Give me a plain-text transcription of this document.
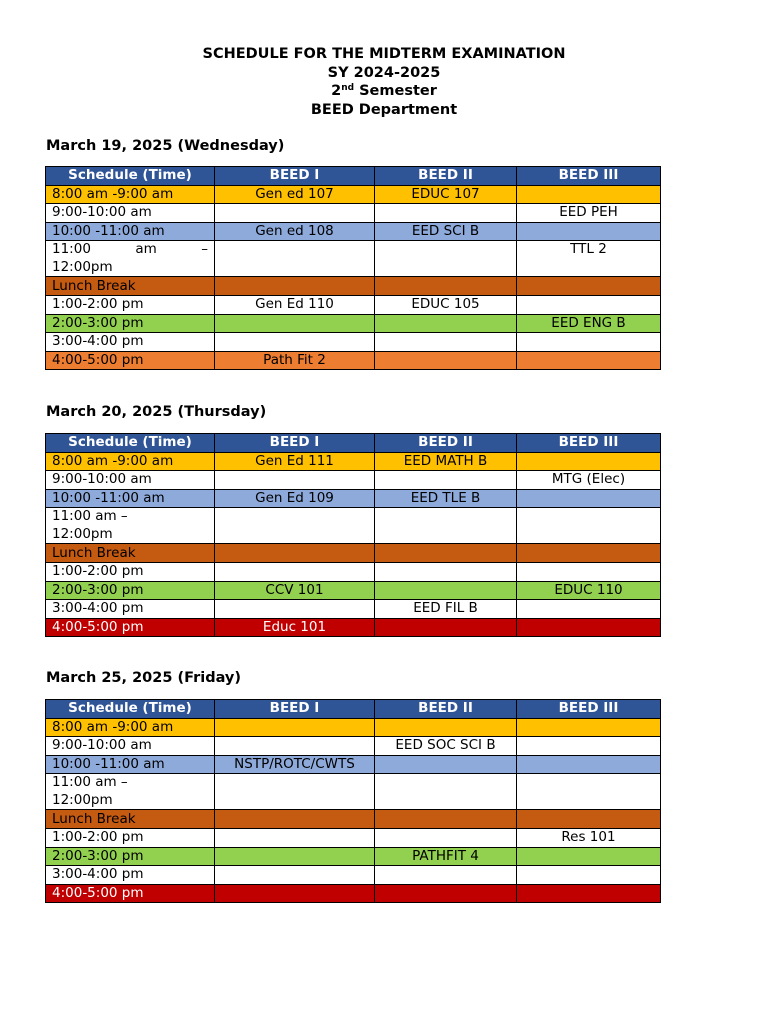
SCHEDULE FOR THE MIDTERM EXAMINATION
SY 2024-2025
2nd Semester
BEED Department
March 19, 2025 (Wednesday)
Schedule (Time)	BEED I	BEED II	BEED III
8:00 am -9:00 am	Gen ed 107	EDUC 107	
9:00-10:00 am			EED PEH
10:00 -11:00 am	Gen ed 108	EED SCI B	

11:00 am –
12:00pm			TTL 2
Lunch Break			
1:00-2:00 pm	Gen Ed 110	EDUC 105	
2:00-3:00 pm			EED ENG B
3:00-4:00 pm			
4:00-5:00 pm	Path Fit 2		
March 20, 2025 (Thursday)
Schedule (Time)	BEED I	BEED II	BEED III
8:00 am -9:00 am	Gen Ed 111	EED MATH B	
9:00-10:00 am			MTG (Elec)
10:00 -11:00 am	Gen Ed 109	EED TLE B	

11:00 am –
12:00pm			

Lunch Break			
1:00-2:00 pm			
2:00-3:00 pm	CCV 101		EDUC 110
3:00-4:00 pm		EED FIL B	
4:00-5:00 pm	Educ 101		
March 25, 2025 (Friday)
Schedule (Time)	BEED I	BEED II	BEED III
8:00 am -9:00 am			
9:00-10:00 am		EED SOC SCI B	
10:00 -11:00 am	NSTP/ROTC/CWTS		

11:00 am –
12:00pm			

Lunch Break			
1:00-2:00 pm			Res 101
2:00-3:00 pm		PATHFIT 4	
3:00-4:00 pm			
4:00-5:00 pm			
